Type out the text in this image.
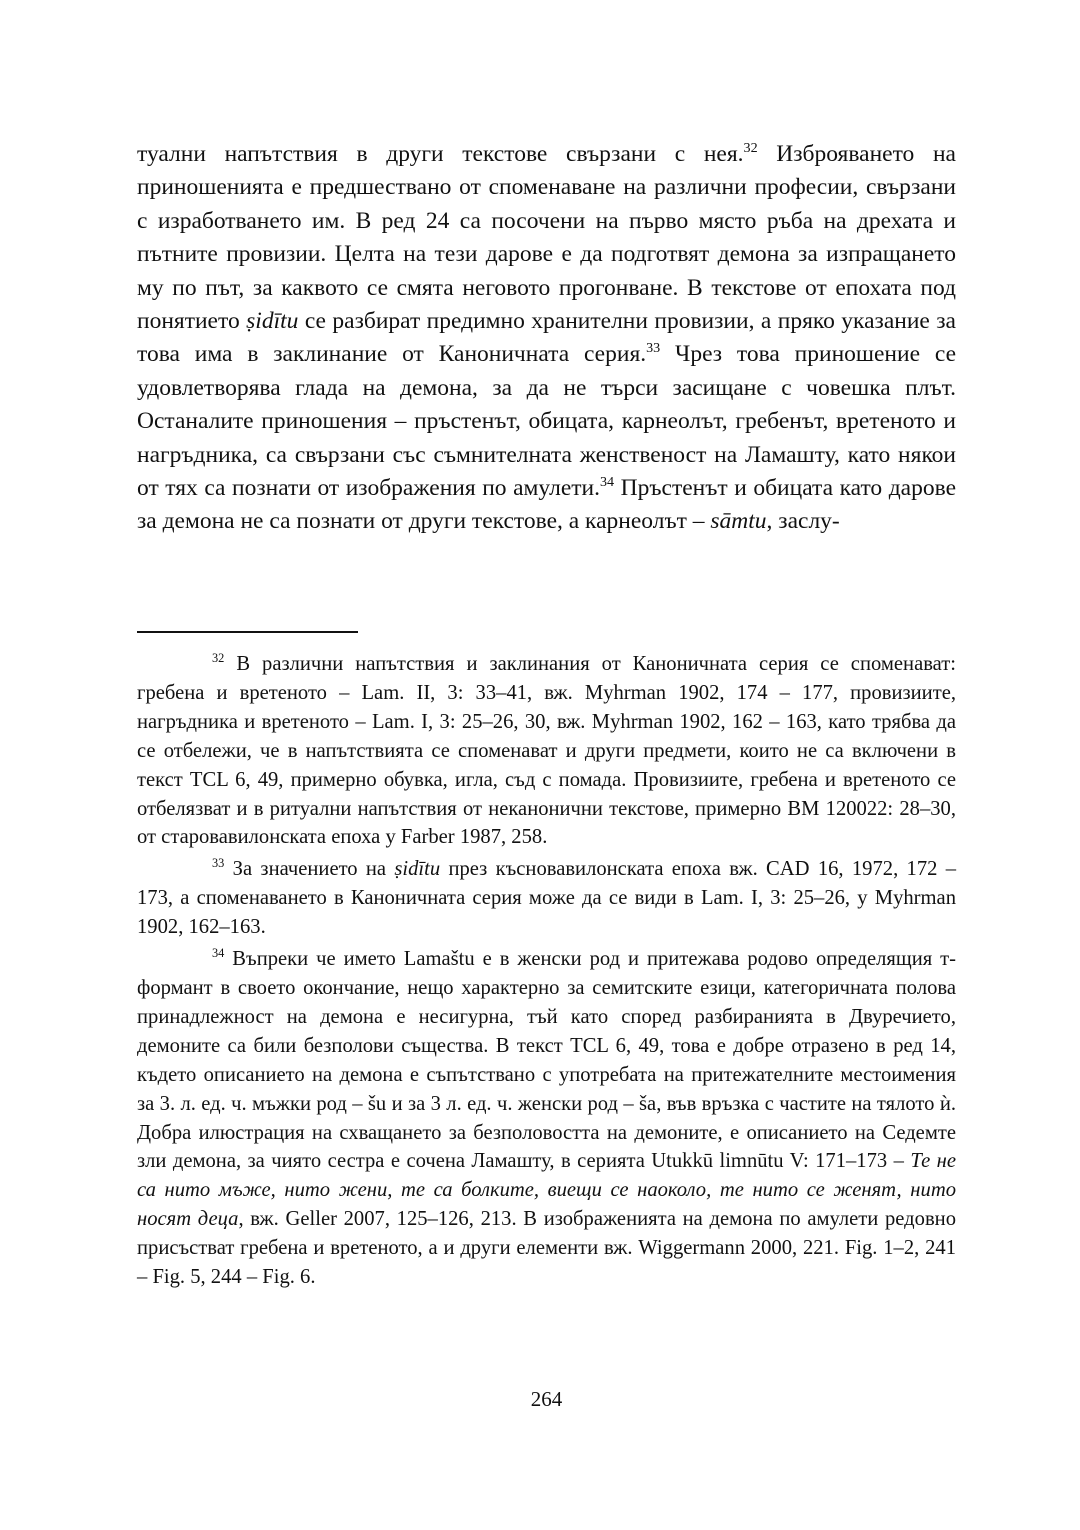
туални напътствия в други текстове свързани с нея.$^{32}$ Изброяването на приношенията е предшествано от споменаване на различни професии, свързани с изработването им. В ред 24 са посочени на първо място ръба на дрехата и пътните провизии. Целта на тези дарове е да подготвят демона за изпращането му по път, за каквото се смята неговото прогонване. В текстове от епохата под понятието ṣidītu се разбират предимно хранителни провизии, а пряко указание за това има в заклинание от Каноничната серия.$^{33}$ Чрез това приношение се удовлетворява глада на демона, за да не търси засищане с човешка плът. Останалите приношения – пръстенът, обицата, карнеолът, гребенът, вретеното и нагръдника, са свързани със съмнителната женственост на Ламашту, като някои от тях са познати от изображения по амулети.$^{34}$ Пръстенът и обицата като дарове за демона не са познати от други текстове, а карнеолът – sāmtu, заслу-

$^{32}$ В различни напътствия и заклинания от Каноничната серия се споменават: гребена и вретеното – Lam. II, 3: 33–41, вж. Myhrman 1902, 174 – 177, провизиите, нагръдника и вретеното – Lam. I, 3: 25–26, 30, вж. Myhrman 1902, 162 – 163, като трябва да се отбележи, че в напътствията се споменават и други предмети, които не са включени в текст TCL 6, 49, примерно обувка, игла, съд с помада. Провизиите, гребена и вретеното се отбелязват и в ритуални напътствия от неканонични текстове, примерно BM 120022: 28–30, от старовавилонската епоха у Farber 1987, 258.

$^{33}$ За значението на ṣidītu през късновавилонската епоха вж. CAD 16, 1972, 172 – 173, а споменаването в Каноничната серия може да се види в Lam. I, 3: 25–26, у Myhrman 1902, 162–163.

$^{34}$ Въпреки че името Lamaštu е в женски род и притежава родово определящия т-формант в своето окончание, нещо характерно за семитските езици, категоричната полова принадлежност на демона е несигурна, тъй като според разбиранията в Двуречието, демоните са били безполови същества. В текст TCL 6, 49, това е добре отразено в ред 14, където описанието на демона е съпътствано с употребата на притежателните местоимения за 3. л. ед. ч. мъжки род – šu и за 3 л. ед. ч. женски род – ša, във връзка с частите на тялото ѝ. Добра илюстрация на схващането за безполовостта на демоните, е описанието на Седемте зли демона, за чиято сестра е сочена Ламашту, в серията Utukkū limnūtu V: 171–173 – Те не са нито мъже, нито жени, те са болките, виещи се наоколо, те нито се женят, нито носят деца, вж. Geller 2007, 125–126, 213. В изображенията на демона по амулети редовно присъстват гребена и вретеното, а и други елементи вж. Wiggermann 2000, 221. Fig. 1–2, 241 – Fig. 5, 244 – Fig. 6.

264
